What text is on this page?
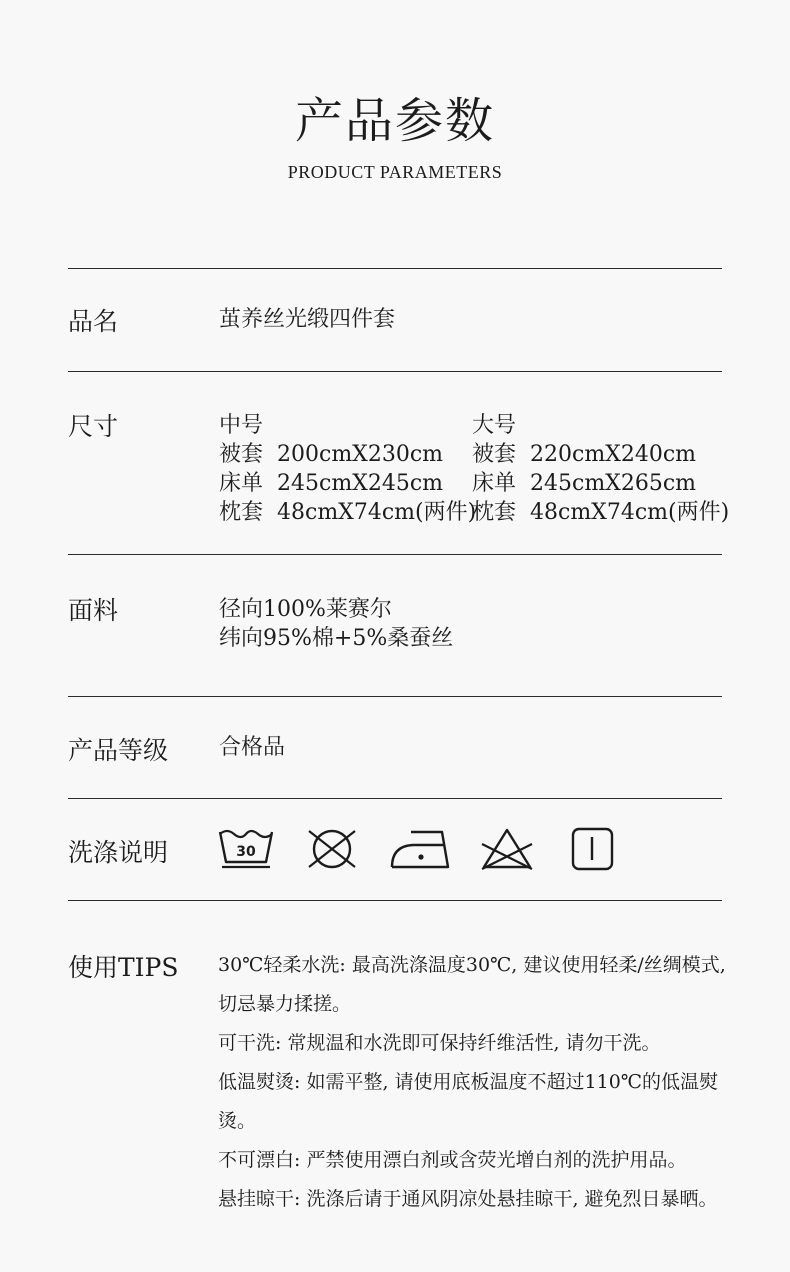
产品参数
PRODUCT PARAMETERS
品名	茧养丝光缎四件套
尺寸	中号
被套 200cmX230cm
床单 245cmX245cm
枕套 48cmX74cm(两件)
大号
被套 220cmX240cm
床单 245cmX265cm
枕套 48cmX74cm(两件)
面料	径向100%莱赛尔
纬向95%棉+5%桑蚕丝
产品等级 合格品
洗涤说明	30
使用TIPS 30℃轻柔水洗: 最高洗涤温度30℃, 建议使用轻柔/丝绸模式, 切忌暴力揉搓。

可干洗: 常规温和水洗即可保持纤维活性, 请勿干洗。

低温熨烫: 如需平整, 请使用底板温度不超过110℃的低温熨烫。

不可漂白: 严禁使用漂白剂或含荧光增白剂的洗护用品。

悬挂晾干: 洗涤后请于通风阴凉处悬挂晾干, 避免烈日暴晒。
